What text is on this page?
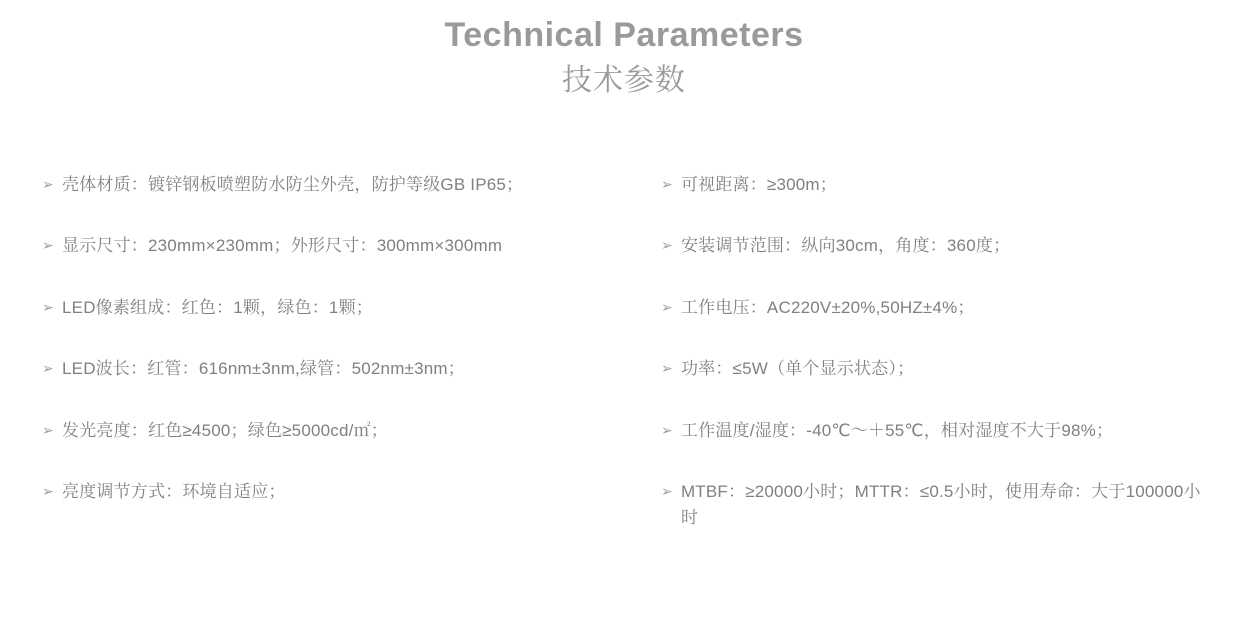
Technical Parameters
技术参数
➢ 壳体材质：镀锌钢板喷塑防水防尘外壳，防护等级GB IP65；
➢ 显示尺寸：230mm×230mm；外形尺寸：300mm×300mm
➢ LED像素组成：红色：1颗，绿色：1颗；
➢ LED波长：红管：616nm±3nm,绿管：502nm±3nm；
➢ 发光亮度：红色≥4500；绿色≥5000cd/㎡；
➢ 亮度调节方式：环境自适应；
➢ 可视距离：≥300m；
➢ 安装调节范围：纵向30cm，角度：360度；
➢ 工作电压：AC220V±20%,50HZ±4%；
➢ 功率：≤5W（单个显示状态）；
➢ 工作温度/湿度：-40℃～＋55℃，相对湿度不大于98%；
➢ MTBF：≥20000小时；MTTR：≤0.5小时，使用寿命：大于100000小时
